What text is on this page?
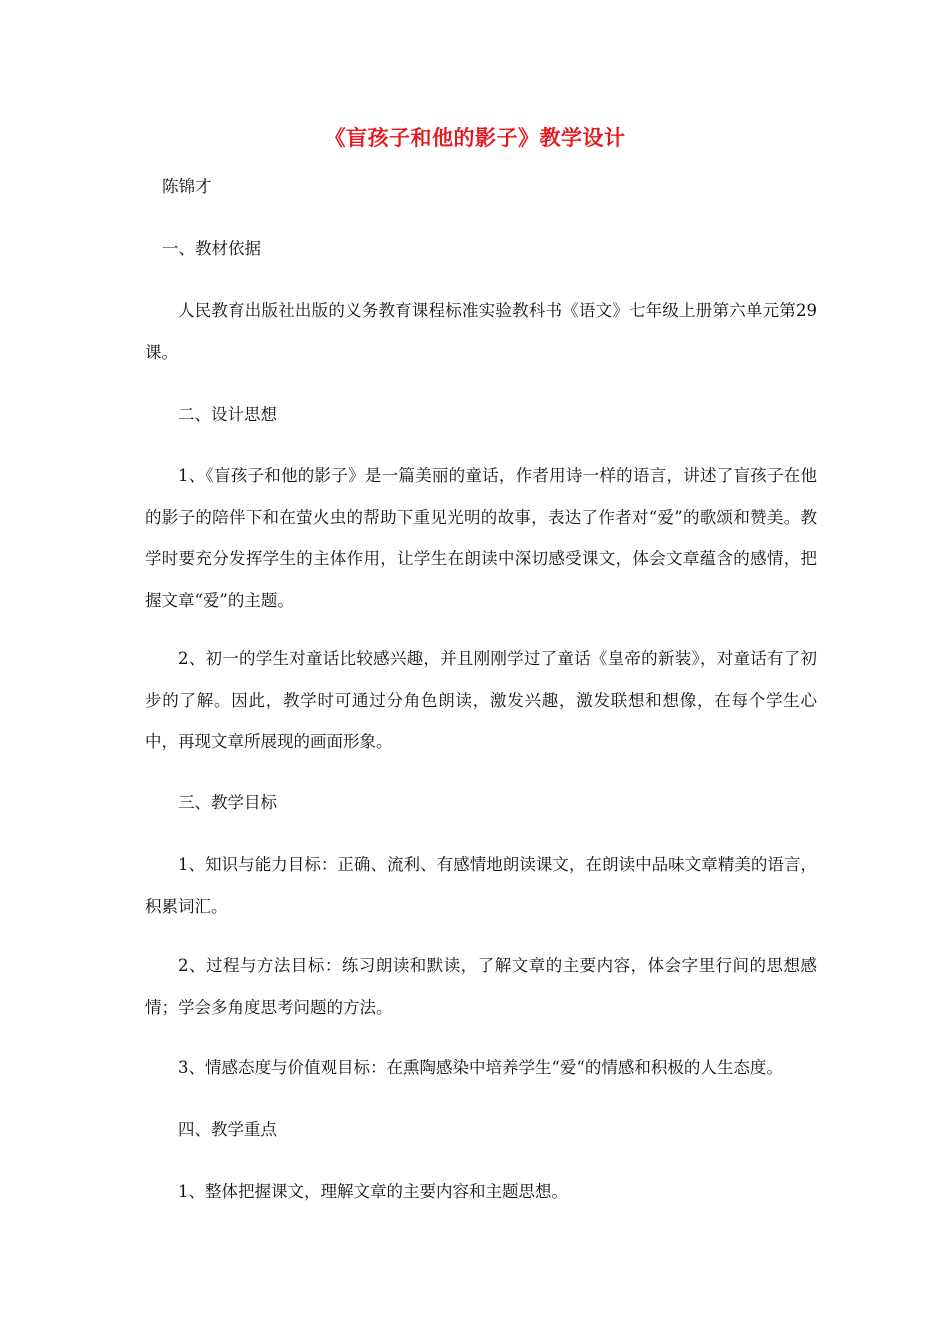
《盲孩子和他的影子》教学设计
陈锦才
一、教材依据
人民教育出版社出版的义务教育课程标准实验教科书《语文》七年级上册第六单元第29课。
二、设计思想
1、《盲孩子和他的影子》是一篇美丽的童话，作者用诗一样的语言，讲述了盲孩子在他的影子的陪伴下和在萤火虫的帮助下重见光明的故事，表达了作者对“爱”的歌颂和赞美。教学时要充分发挥学生的主体作用，让学生在朗读中深切感受课文，体会文章蕴含的感情，把握文章“爱”的主题。
2、初一的学生对童话比较感兴趣，并且刚刚学过了童话《皇帝的新装》，对童话有了初步的了解。因此，教学时可通过分角色朗读，激发兴趣，激发联想和想像，在每个学生心中，再现文章所展现的画面形象。
三、教学目标
1、知识与能力目标：正确、流利、有感情地朗读课文，在朗读中品味文章精美的语言，积累词汇。
2、过程与方法目标：练习朗读和默读，了解文章的主要内容，体会字里行间的思想感情；学会多角度思考问题的方法。
3、情感态度与价值观目标：在熏陶感染中培养学生“爱“的情感和积极的人生态度。
四、教学重点
1、整体把握课文，理解文章的主要内容和主题思想。
